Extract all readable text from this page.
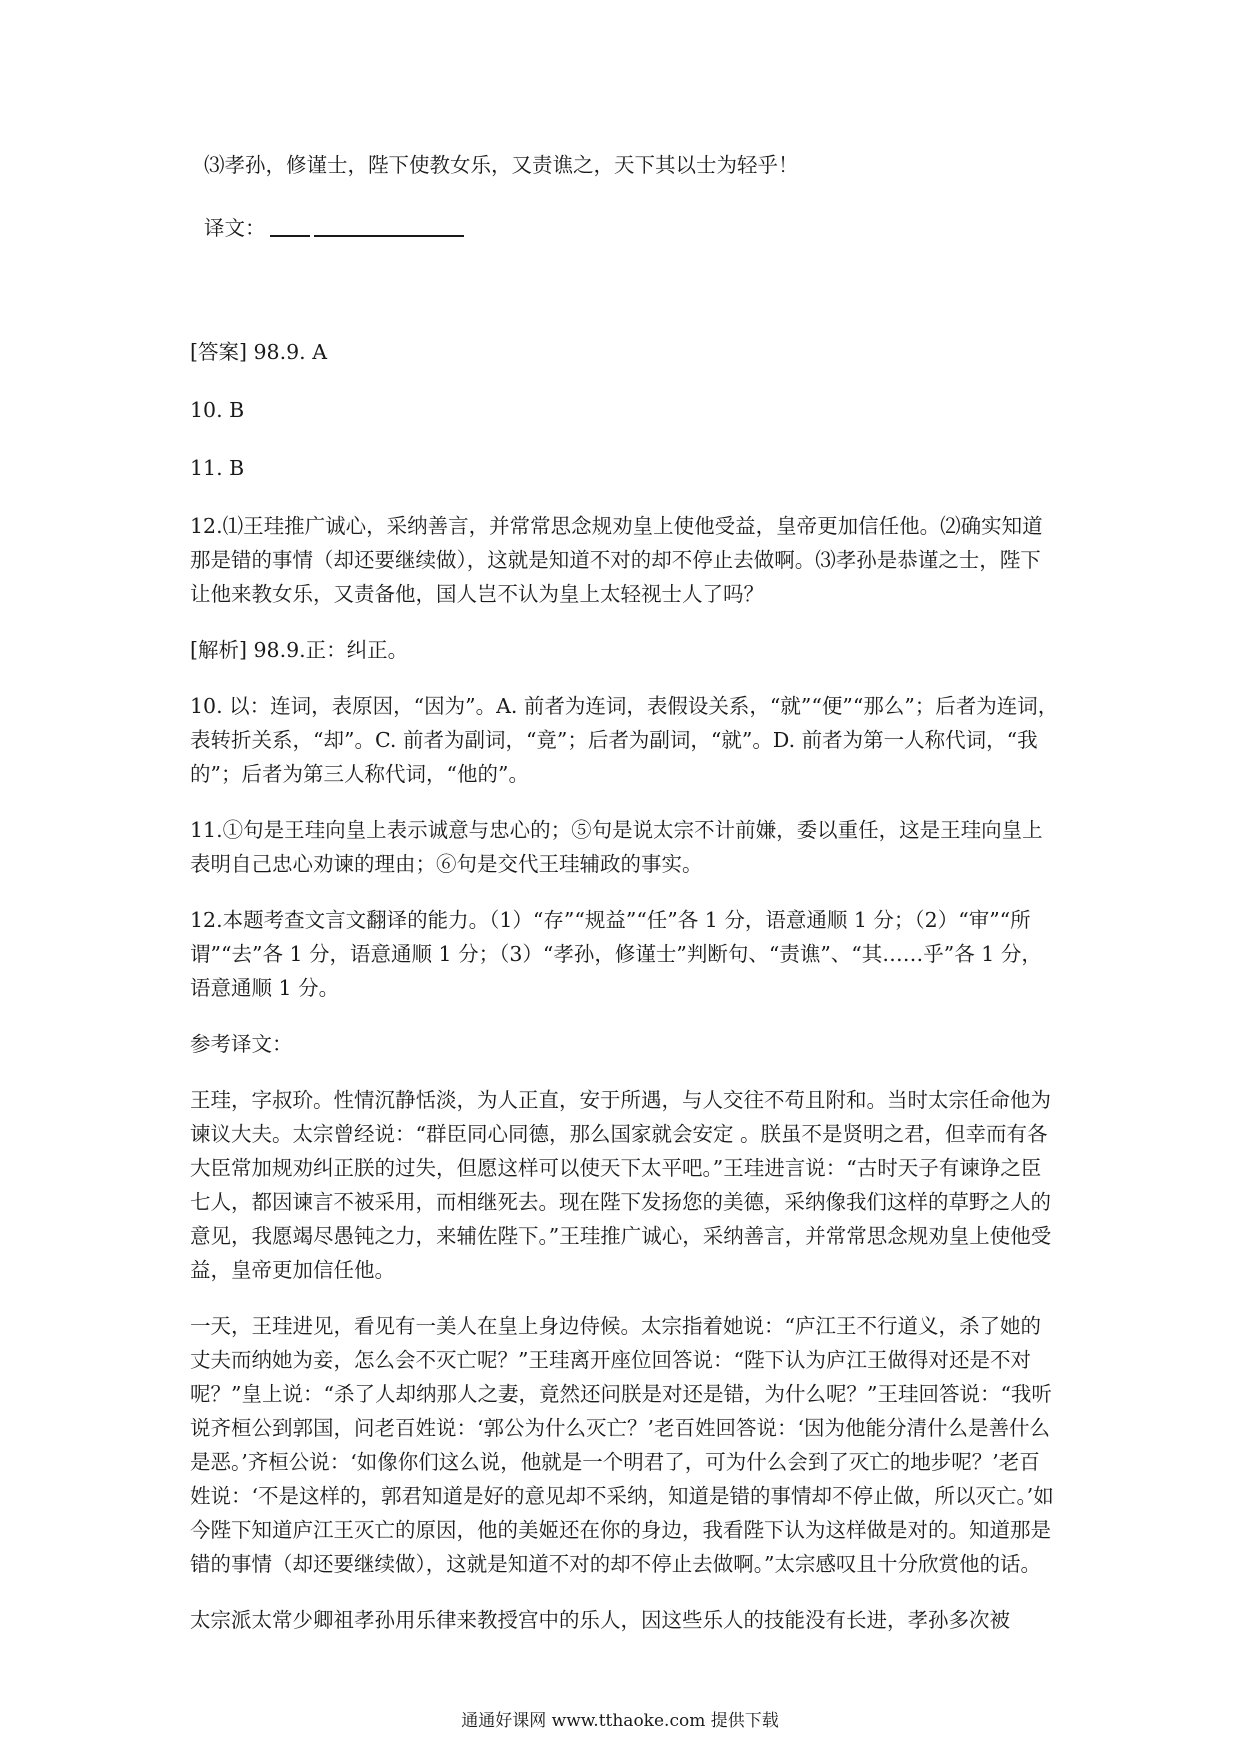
⑶孝孙，修谨士，陛下使教女乐，又责谯之，天下其以士为轻乎！

译文：

[答案] 98.9. A

10. B

11. B

12.⑴王珪推广诚心，采纳善言，并常常思念规劝皇上使他受益，皇帝更加信任他。⑵确实知道那是错的事情（却还要继续做），这就是知道不对的却不停止去做啊。⑶孝孙是恭谨之士，陛下让他来教女乐，又责备他，国人岂不认为皇上太轻视士人了吗？

[解析] 98.9.正：纠正。

10. 以：连词，表原因，“因为”。A. 前者为连词，表假设关系，“就”“便”“那么”；后者为连词，表转折关系，“却”。C. 前者为副词，“竟”；后者为副词，“就”。D. 前者为第一人称代词，“我的”；后者为第三人称代词，“他的”。

11.①句是王珪向皇上表示诚意与忠心的；⑤句是说太宗不计前嫌，委以重任，这是王珪向皇上表明自己忠心劝谏的理由；⑥句是交代王珪辅政的事实。

12.本题考查文言文翻译的能力。（1）“存”“规益”“任”各 1 分，语意通顺 1 分；（2）“审”“所谓”“去”各 1 分，语意通顺 1 分；（3）“孝孙，修谨士”判断句、“责谯”、“其……乎”各 1 分，语意通顺 1 分。

参考译文：

王珪，字叔玠。性情沉静恬淡，为人正直，安于所遇，与人交往不苟且附和。当时太宗任命他为谏议大夫。太宗曾经说：“群臣同心同德，那么国家就会安定 。朕虽不是贤明之君，但幸而有各大臣常加规劝纠正朕的过失，但愿这样可以使天下太平吧。”王珪进言说：“古时天子有谏诤之臣七人，都因谏言不被采用，而相继死去。现在陛下发扬您的美德，采纳像我们这样的草野之人的意见，我愿竭尽愚钝之力，来辅佐陛下。”王珪推广诚心，采纳善言，并常常思念规劝皇上使他受益，皇帝更加信任他。

一天，王珪进见，看见有一美人在皇上身边侍候。太宗指着她说：“庐江王不行道义，杀了她的丈夫而纳她为妾，怎么会不灭亡呢？”王珪离开座位回答说：“陛下认为庐江王做得对还是不对呢？”皇上说：“杀了人却纳那人之妻，竟然还问朕是对还是错，为什么呢？”王珪回答说：“我听说齐桓公到郭国，问老百姓说：‘郭公为什么灭亡？’老百姓回答说：‘因为他能分清什么是善什么是恶。’齐桓公说：‘如像你们这么说，他就是一个明君了，可为什么会到了灭亡的地步呢？’老百姓说：‘不是这样的，郭君知道是好的意见却不采纳，知道是错的事情却不停止做，所以灭亡。’如今陛下知道庐江王灭亡的原因，他的美姬还在你的身边，我看陛下认为这样做是对的。知道那是错的事情（却还要继续做），这就是知道不对的却不停止去做啊。”太宗感叹且十分欣赏他的话。

太宗派太常少卿祖孝孙用乐律来教授宫中的乐人，因这些乐人的技能没有长进，孝孙多次被

通通好课网 www.tthaoke.com 提供下载
